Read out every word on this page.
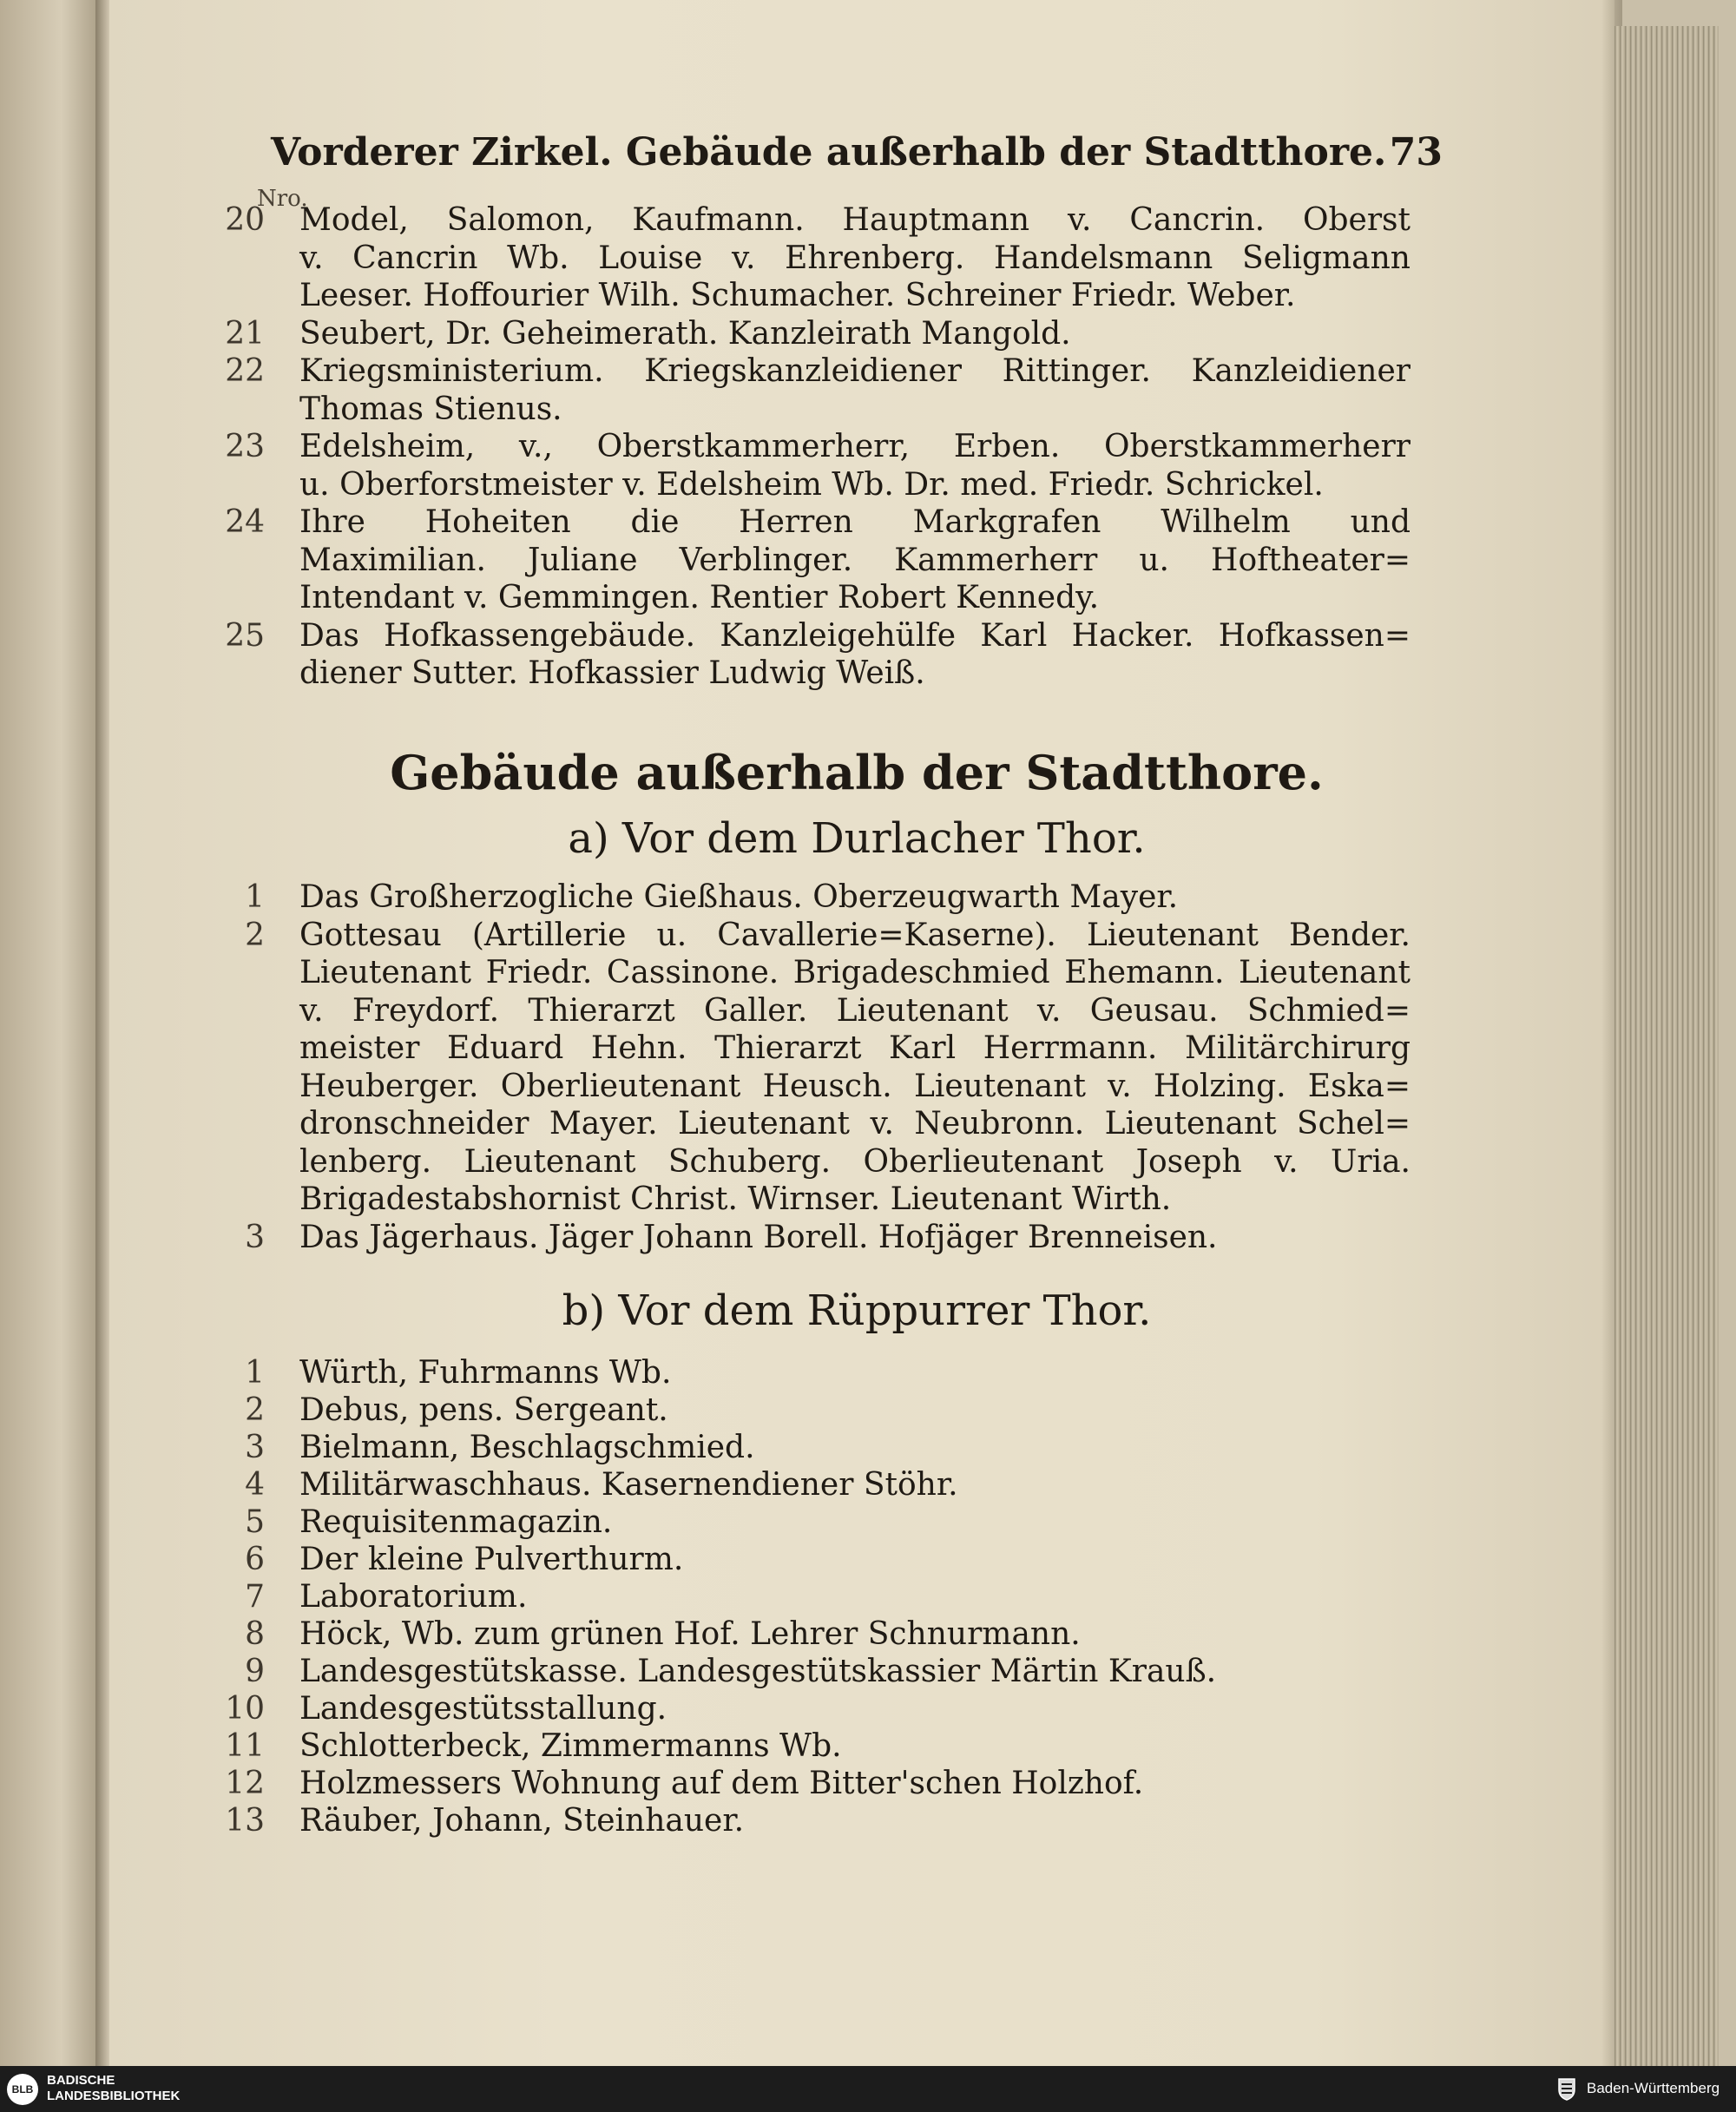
Vorderer Zirkel. Gebäude außerhalb der Stadtthore. 73
Nro.
20	Model, Salomon, Kaufmann. Hauptmann v. Cancrin. Oberst
v. Cancrin Wb. Louise v. Ehrenberg. Handelsmann Seligmann
Leeser. Hoffourier Wilh. Schumacher. Schreiner Friedr. Weber.
21	Seubert, Dr. Geheimerath. Kanzleirath Mangold.
22	Kriegsministerium. Kriegskanzleidiener Rittinger. Kanzleidiener
Thomas Stienus.
23	Edelsheim, v., Oberstkammerherr, Erben. Oberstkammerherr
u. Oberforstmeister v. Edelsheim Wb. Dr. med. Friedr. Schrickel.
24	Ihre Hoheiten die Herren Markgrafen Wilhelm und
Maximilian. Juliane Verblinger. Kammerherr u. Hoftheater=
Intendant v. Gemmingen. Rentier Robert Kennedy.
25	Das Hofkassengebäude. Kanzleigehülfe Karl Hacker. Hofkassen=
diener Sutter. Hofkassier Ludwig Weiß.
Gebäude außerhalb der Stadtthore.
a) Vor dem Durlacher Thor.
1	Das Großherzogliche Gießhaus. Oberzeugwarth Mayer.
2	Gottesau (Artillerie u. Cavallerie=Kaserne). Lieutenant Bender.
Lieutenant Friedr. Cassinone. Brigadeschmied Ehemann. Lieutenant
v. Freydorf. Thierarzt Galler. Lieutenant v. Geusau. Schmied=
meister Eduard Hehn. Thierarzt Karl Herrmann. Militärchirurg
Heuberger. Oberlieutenant Heusch. Lieutenant v. Holzing. Eska=
dronschneider Mayer. Lieutenant v. Neubronn. Lieutenant Schel=
lenberg. Lieutenant Schuberg. Oberlieutenant Joseph v. Uria.
Brigadestabshornist Christ. Wirnser. Lieutenant Wirth.
3	Das Jägerhaus. Jäger Johann Borell. Hofjäger Brenneisen.
b) Vor dem Rüppurrer Thor.
1	Würth, Fuhrmanns Wb.
2	Debus, pens. Sergeant.
3	Bielmann, Beschlagschmied.
4	Militärwaschhaus. Kasernendiener Stöhr.
5	Requisitenmagazin.
6	Der kleine Pulverthurm.
7	Laboratorium.
8	Höck, Wb. zum grünen Hof. Lehrer Schnurmann.
9	Landesgestütskasse. Landesgestütskassier Märtin Krauß.
10	Landesgestütsstallung.
11	Schlotterbeck, Zimmermanns Wb.
12	Holzmessers Wohnung auf dem Bitter'schen Holzhof.
13	Räuber, Johann, Steinhauer.
BLB
BADISCHE
LANDESBIBLIOTHEK	Baden-Württemberg
